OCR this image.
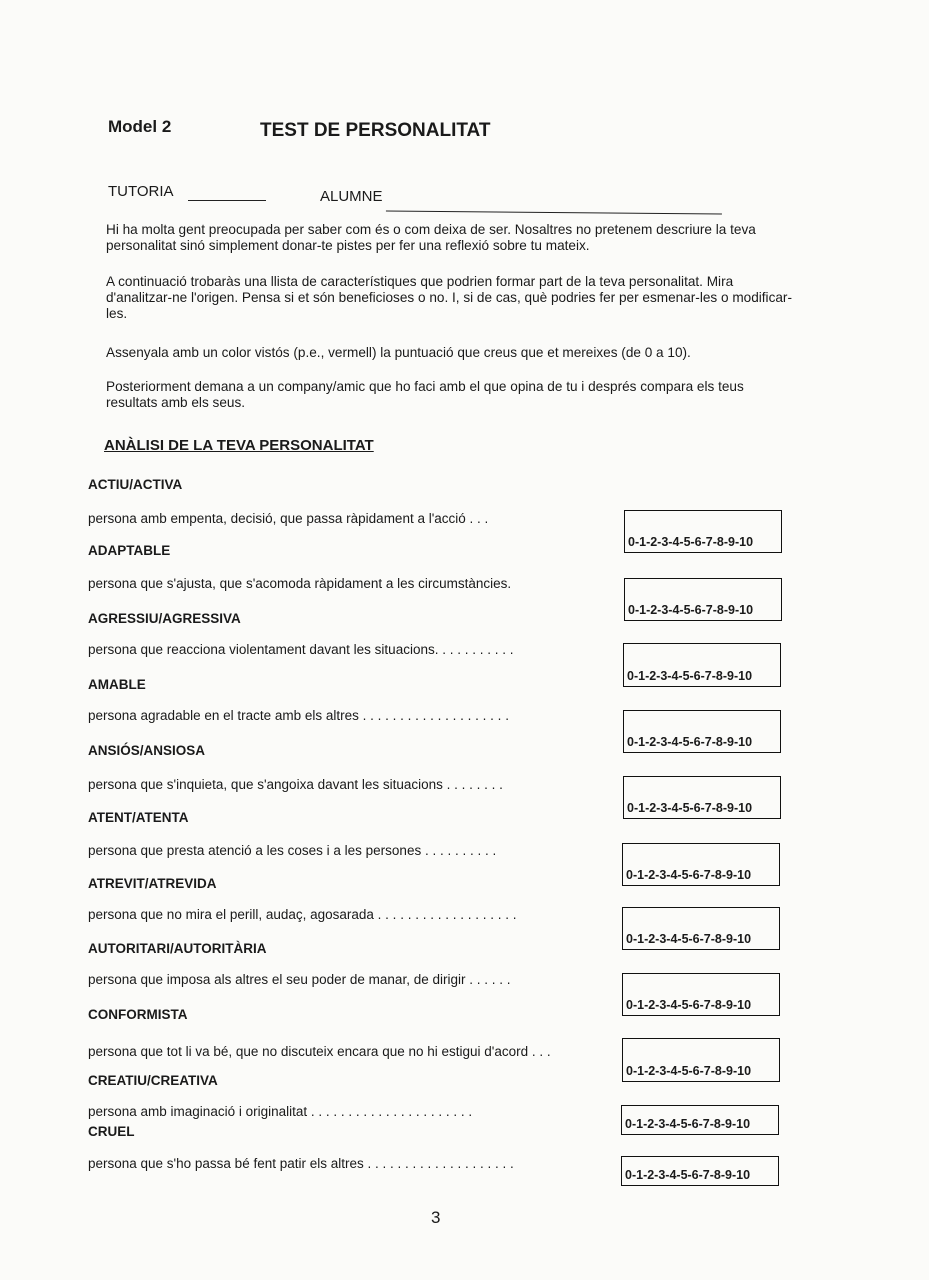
Model 2	TEST DE PERSONALITAT
TUTORIA	ALUMNE
Hi ha molta gent preocupada per saber com és o com deixa de ser. Nosaltres no pretenem descriure la teva personalitat sinó simplement donar-te pistes per fer una reflexió sobre tu mateix.
A continuació trobaràs una llista de característiques que podrien formar part de la teva personalitat. Mira d'analitzar-ne l'origen. Pensa si et són beneficioses o no. I, si de cas, què podries fer per esmenar-les o modificar-les.
Assenyala amb un color vistós (p.e., vermell) la puntuació que creus que et mereixes (de 0 a 10).
Posteriorment demana a un company/amic que ho faci amb el que opina de tu i després compara els teus resultats amb els seus.
ANÀLISI DE LA TEVA PERSONALITAT
ACTIU/ACTIVA
persona amb empenta, decisió, que passa ràpidament a l'acció . . .
0-1-2-3-4-5-6-7-8-9-10
ADAPTABLE
persona que s'ajusta, que s'acomoda ràpidament a les circumstàncies.
0-1-2-3-4-5-6-7-8-9-10
AGRESSIU/AGRESSIVA
persona que reacciona violentament davant les situacions. . . . . . . . . . .
0-1-2-3-4-5-6-7-8-9-10
AMABLE
persona agradable en el tracte amb els altres . . . . . . . . . . . . . . . . . . . .
0-1-2-3-4-5-6-7-8-9-10
ANSIÓS/ANSIOSA
persona que s'inquieta, que s'angoixa davant les situacions . . . . . . . .
0-1-2-3-4-5-6-7-8-9-10
ATENT/ATENTA
persona que presta atenció a les coses i a les persones . . . . . . . . . .
0-1-2-3-4-5-6-7-8-9-10
ATREVIT/ATREVIDA
persona que no mira el perill, audaç, agosarada . . . . . . . . . . . . . . . . . . .
0-1-2-3-4-5-6-7-8-9-10
AUTORITARI/AUTORITÀRIA
persona que imposa als altres el seu poder de manar, de dirigir . . . . . .
0-1-2-3-4-5-6-7-8-9-10
CONFORMISTA
persona que tot li va bé, que no discuteix encara que no hi estigui d'acord . . .
0-1-2-3-4-5-6-7-8-9-10
CREATIU/CREATIVA
persona amb imaginació i originalitat . . . . . . . . . . . . . . . . . . . . . .
0-1-2-3-4-5-6-7-8-9-10
CRUEL
persona que s'ho passa bé fent patir els altres . . . . . . . . . . . . . . . . . . . .
0-1-2-3-4-5-6-7-8-9-10
3
